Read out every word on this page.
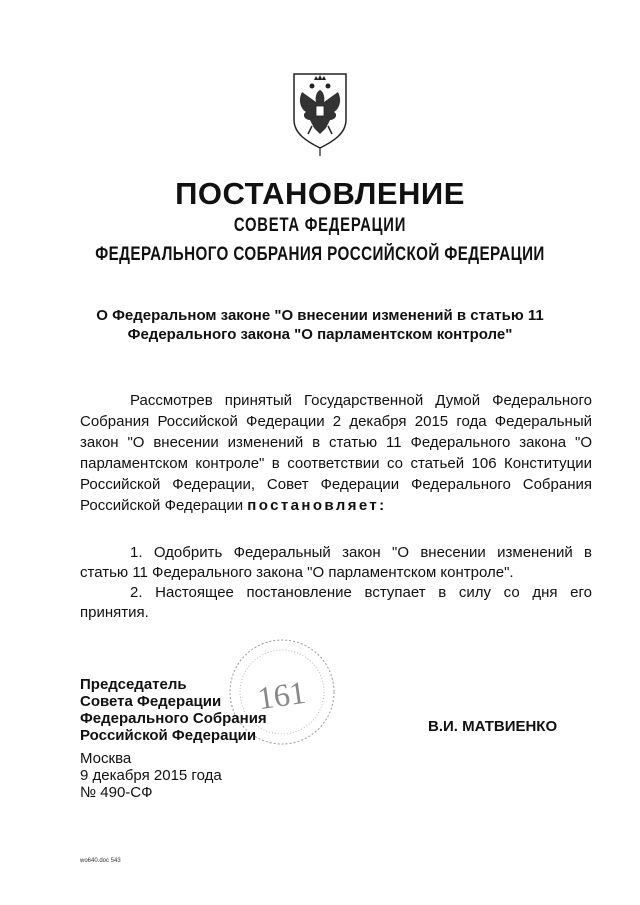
ПОСТАНОВЛЕНИЕ
СОВЕТА ФЕДЕРАЦИИ
ФЕДЕРАЛЬНОГО СОБРАНИЯ РОССИЙСКОЙ ФЕДЕРАЦИИ
О Федеральном законе "О внесении изменений в статью 11
Федерального закона "О парламентском контроле"

Рассмотрев принятый Государственной Думой Федерального Собрания Российской Федерации 2 декабря 2015 года Федеральный закон "О внесении изменений в статью 11 Федерального закона "О парламентском контроле" в соответствии со статьей 106 Конституции Российской Федерации, Совет Федерации Федерального Собрания Российской Федерации постановляет:

1. Одобрить Федеральный закон "О внесении изменений в статью 11 Федерального закона "О парламентском контроле".

2. Настоящее постановление вступает в силу со дня его принятия.

161
Председатель
Совета Федерации
Федерального Собрания
Российской Федерации
В.И. МАТВИЕНКО
Москва
9 декабря 2015 года
№ 490-СФ
wo640.doc 543
